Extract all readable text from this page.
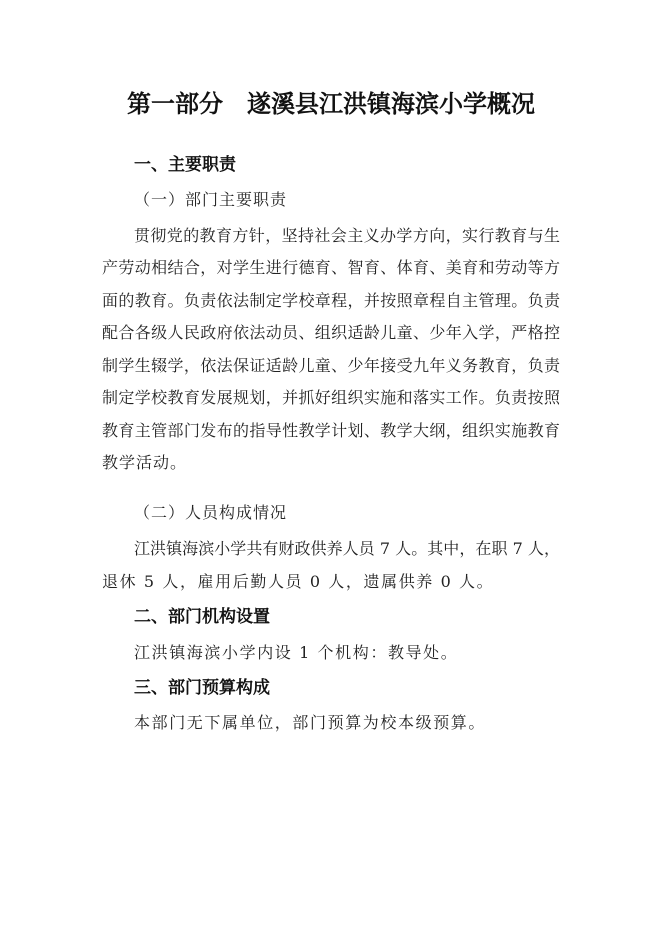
第一部分　遂溪县江洪镇海滨小学概况
一、主要职责
（一）部门主要职责
贯彻党的教育方针，坚持社会主义办学方向，实行教育与生
产劳动相结合，对学生进行德育、智育、体育、美育和劳动等方
面的教育。负责依法制定学校章程，并按照章程自主管理。负责
配合各级人民政府依法动员、组织适龄儿童、少年入学，严格控
制学生辍学，依法保证适龄儿童、少年接受九年义务教育，负责
制定学校教育发展规划，并抓好组织实施和落实工作。负责按照
教育主管部门发布的指导性教学计划、教学大纲，组织实施教育
教学活动。
（二）人员构成情况
江洪镇海滨小学共有财政供养人员 7 人。其中，在职 7 人，
退休 5 人，雇用后勤人员 0 人，遗属供养 0 人。
二、部门机构设置
江洪镇海滨小学内设 1 个机构：教导处。
三、部门预算构成
本部门无下属单位，部门预算为校本级预算。
